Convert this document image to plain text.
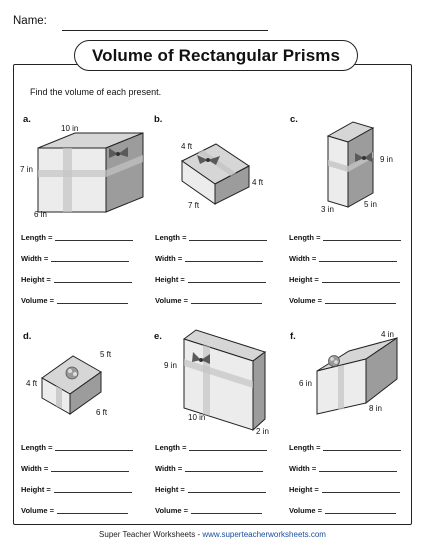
Name:
Volume of Rectangular Prisms
Find the volume of each present.
a.
10 in
7 in
6 in
b.
4 ft
4 ft
7 ft
c.
9 in
3 in
5 in
d.
5 ft
4 ft
6 ft
e.
9 in
10 in
2 in
f.	4 in
6 in
8 in
Length =
Width =
Height =
Volume =
Length =
Width =
Height =
Volume =
Length =
Width =
Height =
Volume =
Length =
Width =
Height =
Volume =
Length =
Width =
Height =
Volume =
Length =
Width =
Height =
Volume =
Super Teacher Worksheets - www.superteacherworksheets.com
